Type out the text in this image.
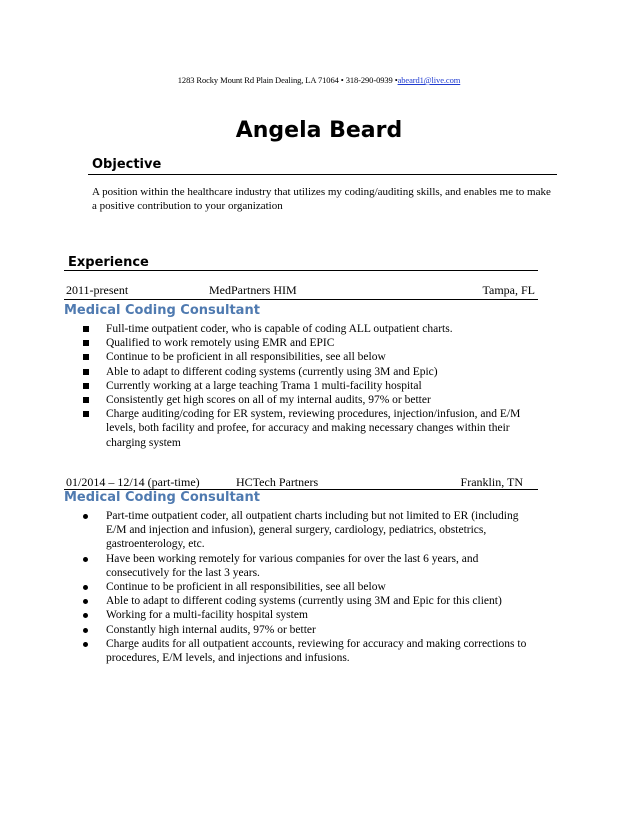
1283 Rocky Mount Rd Plain Dealing, LA 71064 • 318-290-0939 •abeard1@live.com
Angela Beard
Objective
A position within the healthcare industry that utilizes my coding/auditing skills, and enables me to make a positive contribution to your organization
Experience
2011-present	MedPartners HIM	Tampa, FL
Medical Coding Consultant
Full-time outpatient coder, who is capable of coding ALL outpatient charts.
Qualified to work remotely using EMR and EPIC
Continue to be proficient in all responsibilities, see all below
Able to adapt to different coding systems (currently using 3M and Epic)
Currently working at a large teaching Trama 1 multi-facility hospital
Consistently get high scores on all of my internal audits, 97% or better
Charge auditing/coding for ER system, reviewing procedures, injection/infusion, and E/M levels, both facility and profee, for accuracy and making necessary changes within their charging system
01/2014 – 12/14 (part-time)	HCTech Partners	Franklin, TN
Medical Coding Consultant
Part-time outpatient coder, all outpatient charts including but not limited to ER (including E/M and injection and infusion), general surgery, cardiology, pediatrics, obstetrics, gastroenterology, etc.
Have been working remotely for various companies for over the last 6 years, and consecutively for the last 3 years.
Continue to be proficient in all responsibilities, see all below
Able to adapt to different coding systems (currently using 3M and Epic for this client)
Working for a multi-facility hospital system
Constantly high internal audits, 97% or better
Charge audits for all outpatient accounts, reviewing for accuracy and making corrections to procedures, E/M levels, and injections and infusions.
